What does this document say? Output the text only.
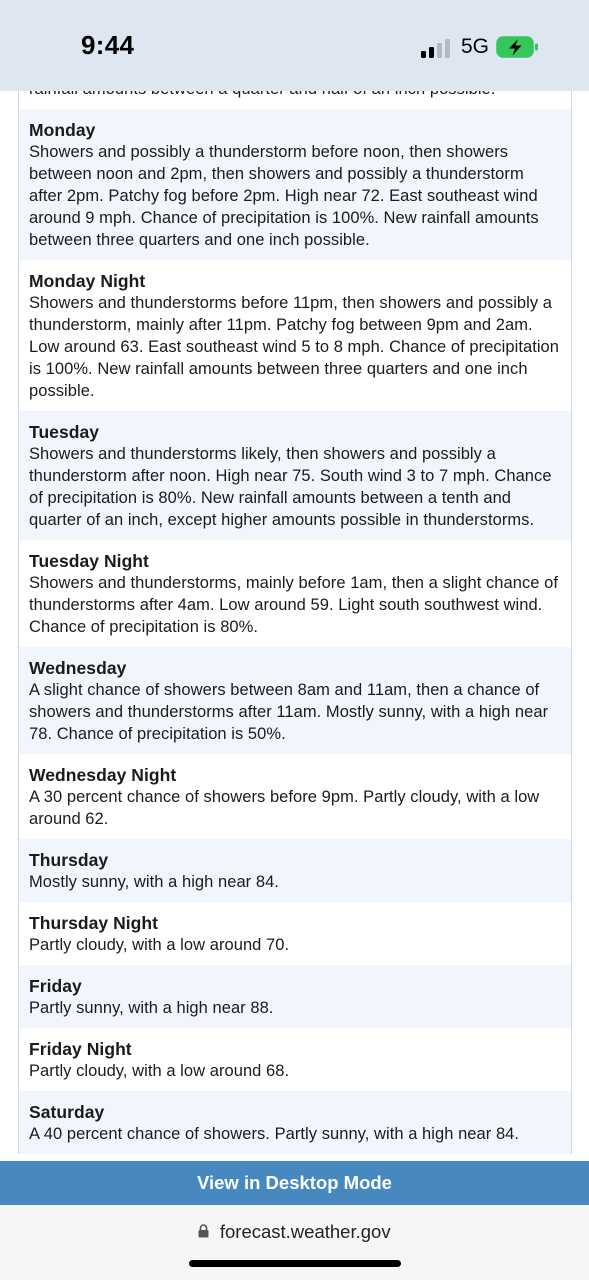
Monday
Showers and possibly a thunderstorm before noon, then showers between noon and 2pm, then showers and possibly a thunderstorm after 2pm. Patchy fog before 2pm. High near 72. East southeast wind around 9 mph. Chance of precipitation is 100%. New rainfall amounts between three quarters and one inch possible.
Monday Night
Showers and thunderstorms before 11pm, then showers and possibly a thunderstorm, mainly after 11pm. Patchy fog between 9pm and 2am. Low around 63. East southeast wind 5 to 8 mph. Chance of precipitation is 100%. New rainfall amounts between three quarters and one inch possible.
Tuesday
Showers and thunderstorms likely, then showers and possibly a thunderstorm after noon. High near 75. South wind 3 to 7 mph. Chance of precipitation is 80%. New rainfall amounts between a tenth and quarter of an inch, except higher amounts possible in thunderstorms.
Tuesday Night
Showers and thunderstorms, mainly before 1am, then a slight chance of thunderstorms after 4am. Low around 59. Light south southwest wind. Chance of precipitation is 80%.
Wednesday
A slight chance of showers between 8am and 11am, then a chance of showers and thunderstorms after 11am. Mostly sunny, with a high near 78. Chance of precipitation is 50%.
Wednesday Night
A 30 percent chance of showers before 9pm. Partly cloudy, with a low around 62.
Thursday
Mostly sunny, with a high near 84.
Thursday Night
Partly cloudy, with a low around 70.
Friday
Partly sunny, with a high near 88.
Friday Night
Partly cloudy, with a low around 68.
Saturday
A 40 percent chance of showers. Partly sunny, with a high near 84.
9:44	5G
View in Desktop Mode
forecast.weather.gov
